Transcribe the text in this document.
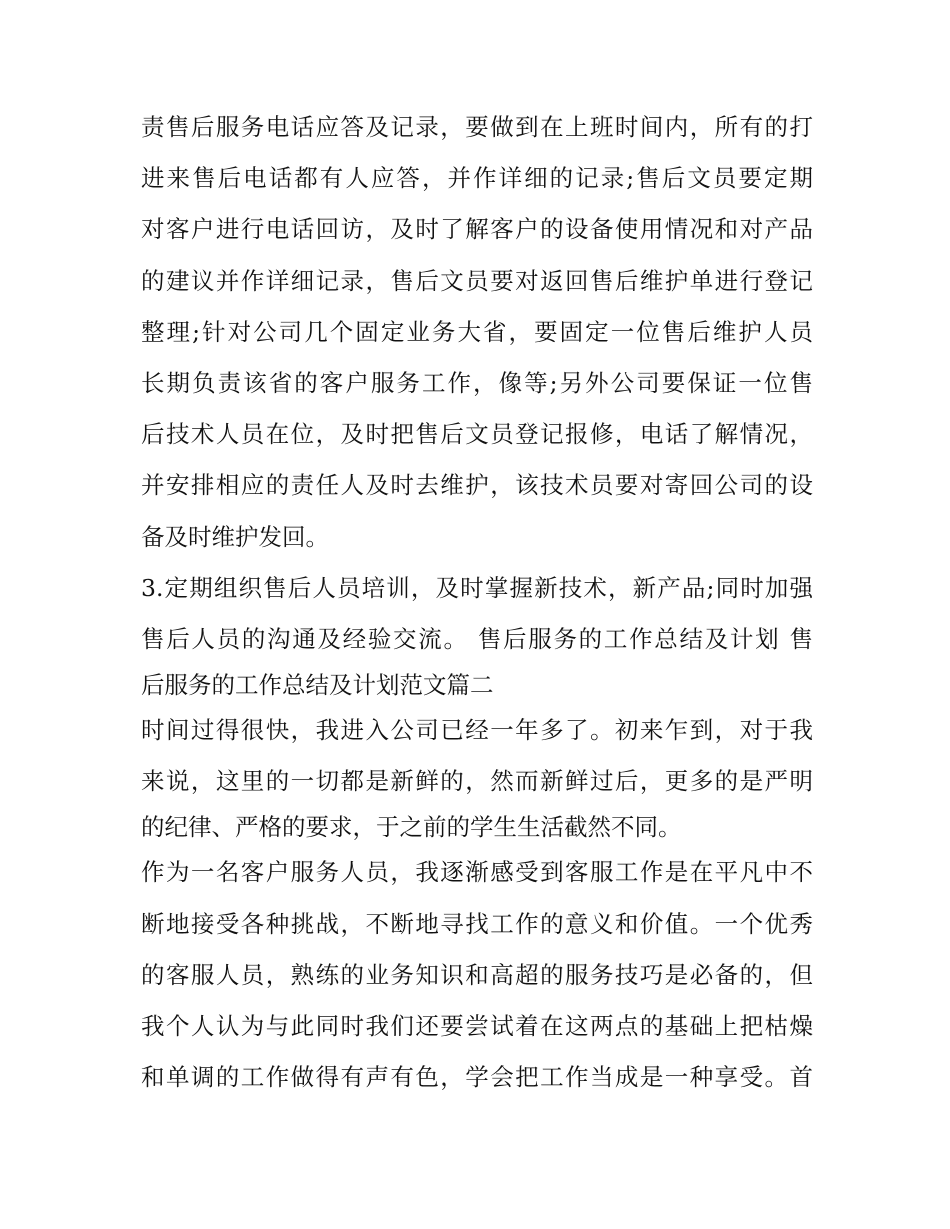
责售后服务电话应答及记录，要做到在上班时间内，所有的打
进来售后电话都有人应答，并作详细的记录;售后文员要定期
对客户进行电话回访，及时了解客户的设备使用情况和对产品
的建议并作详细记录，售后文员要对返回售后维护单进行登记
整理;针对公司几个固定业务大省，要固定一位售后维护人员
长期负责该省的客户服务工作，像等;另外公司要保证一位售
后技术人员在位，及时把售后文员登记报修，电话了解情况，
并安排相应的责任人及时去维护，该技术员要对寄回公司的设
备及时维护发回。
3.定期组织售后人员培训，及时掌握新技术，新产品;同时加强
售后人员的沟通及经验交流。 售后服务的工作总结及计划 售
后服务的工作总结及计划范文篇二
时间过得很快，我进入公司已经一年多了。初来乍到，对于我
来说，这里的一切都是新鲜的，然而新鲜过后，更多的是严明
的纪律、严格的要求，于之前的学生生活截然不同。
作为一名客户服务人员，我逐渐感受到客服工作是在平凡中不
断地接受各种挑战，不断地寻找工作的意义和价值。一个优秀
的客服人员，熟练的业务知识和高超的服务技巧是必备的，但
我个人认为与此同时我们还要尝试着在这两点的基础上把枯燥
和单调的工作做得有声有色，学会把工作当成是一种享受。首
